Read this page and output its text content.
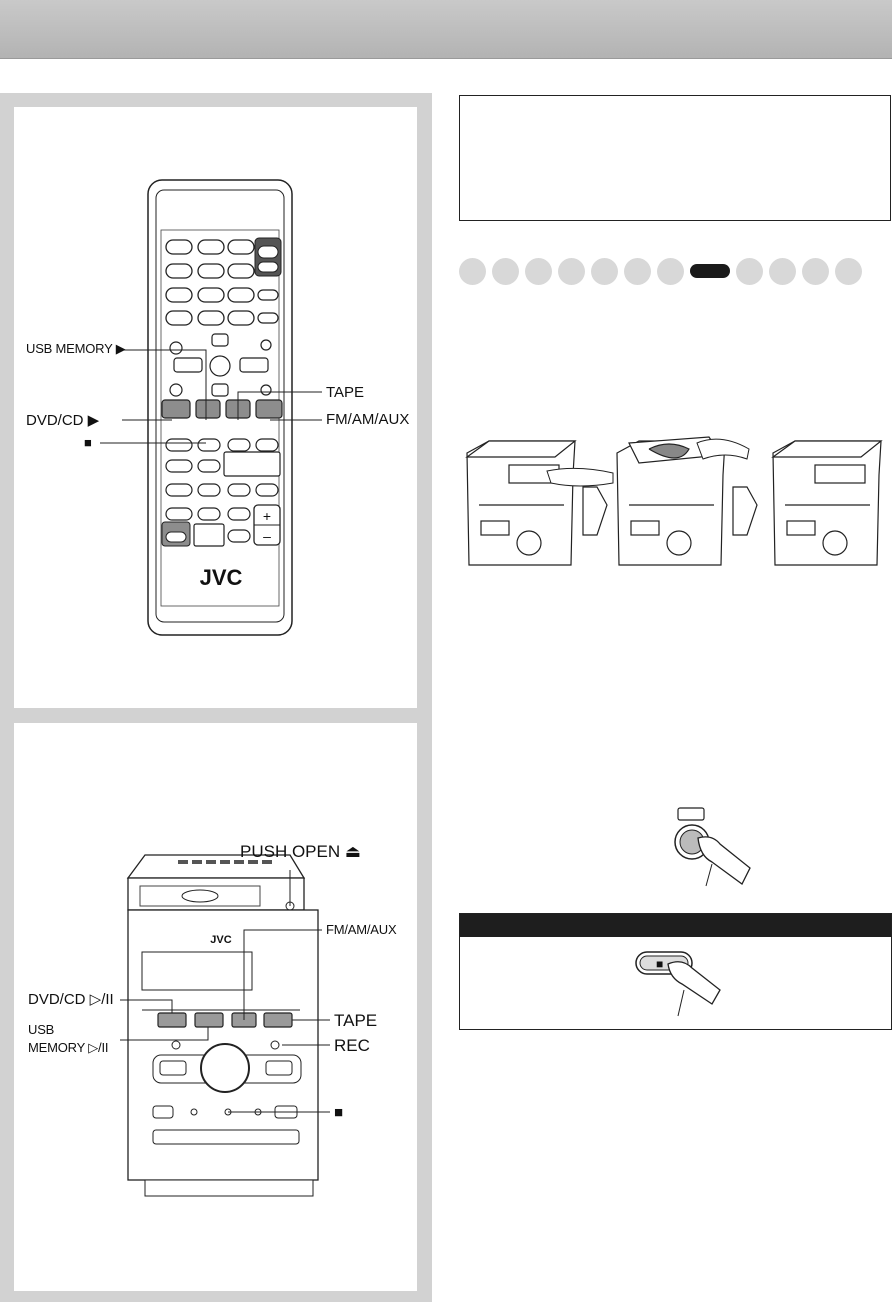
+
–
JVC
USB MEMORY ▶
DVD/CD ▶
■
TAPE
FM/AM/AUX
JVC
PUSH OPEN ⏏
FM/AM/AUX
DVD/CD ▷/II
USB
MEMORY ▷/II
TAPE
REC
■
■
